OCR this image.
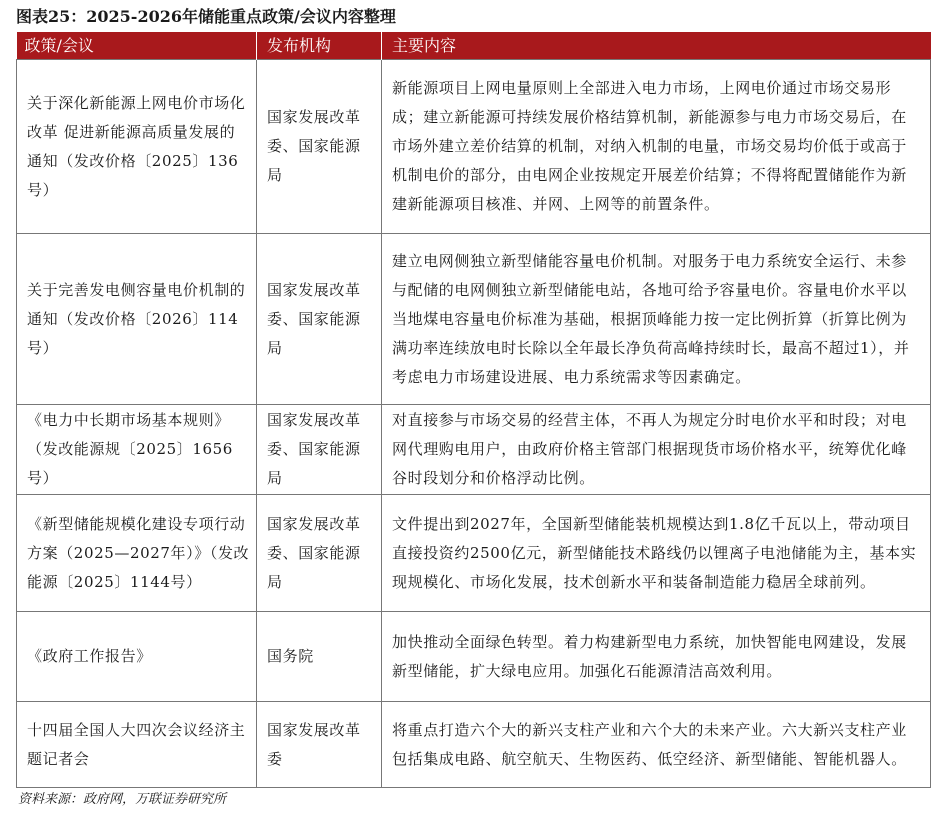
图表25：2025-2026年储能重点政策/会议内容整理
政策/会议	发布机构	主要内容
关于深化新能源上网电价市场化改革 促进新能源高质量发展的通知（发改价格〔2025〕136号）	国家发展改革委、国家能源局	新能源项目上网电量原则上全部进入电力市场，上网电价通过市场交易形成；建立新能源可持续发展价格结算机制，新能源参与电力市场交易后，在市场外建立差价结算的机制，对纳入机制的电量，市场交易均价低于或高于机制电价的部分，由电网企业按规定开展差价结算；不得将配置储能作为新建新能源项目核准、并网、上网等的前置条件。
关于完善发电侧容量电价机制的通知（发改价格〔2026〕114号）	国家发展改革委、国家能源局	建立电网侧独立新型储能容量电价机制。对服务于电力系统安全运行、未参与配储的电网侧独立新型储能电站，各地可给予容量电价。容量电价水平以当地煤电容量电价标准为基础，根据顶峰能力按一定比例折算（折算比例为满功率连续放电时长除以全年最长净负荷高峰持续时长，最高不超过1），并考虑电力市场建设进展、电力系统需求等因素确定。
《电力中长期市场基本规则》（发改能源规〔2025〕1656号）	国家发展改革委、国家能源局	对直接参与市场交易的经营主体，不再人为规定分时电价水平和时段；对电网代理购电用户，由政府价格主管部门根据现货市场价格水平，统筹优化峰谷时段划分和价格浮动比例。
《新型储能规模化建设专项行动方案（2025—2027年）》（发改能源〔2025〕1144号）	国家发展改革委、国家能源局	文件提出到2027年，全国新型储能装机规模达到1.8亿千瓦以上，带动项目直接投资约2500亿元，新型储能技术路线仍以锂离子电池储能为主，基本实现规模化、市场化发展，技术创新水平和装备制造能力稳居全球前列。
《政府工作报告》	国务院	加快推动全面绿色转型。着力构建新型电力系统，加快智能电网建设，发展新型储能，扩大绿电应用。加强化石能源清洁高效利用。
十四届全国人大四次会议经济主题记者会	国家发展改革委	将重点打造六个大的新兴支柱产业和六个大的未来产业。六大新兴支柱产业包括集成电路、航空航天、生物医药、低空经济、新型储能、智能机器人。
资料来源：政府网，万联证券研究所
